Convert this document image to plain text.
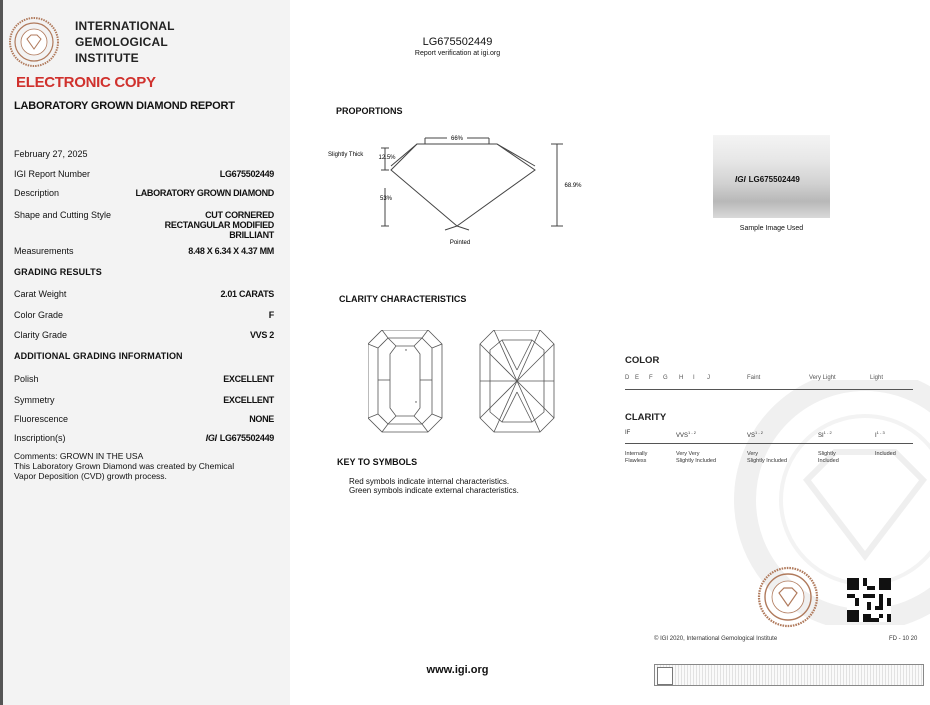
INTERNATIONAL
GEMOLOGICAL
INSTITUTE
ELECTRONIC COPY
LABORATORY GROWN DIAMOND REPORT
February 27, 2025
IGI Report Number	LG675502449
Description	LABORATORY GROWN DIAMOND
Shape and Cutting Style	CUT CORNERED
RECTANGULAR MODIFIED
BRILLIANT
Measurements	8.48 X 6.34 X 4.37 MM
GRADING RESULTS
Carat Weight	2.01 CARATS
Color Grade	F
Clarity Grade	VVS 2
ADDITIONAL GRADING INFORMATION
Polish	EXCELLENT
Symmetry	EXCELLENT
Fluorescence	NONE
Inscription(s)	IGI LG675502449
Comments: GROWN IN THE USA
This Laboratory Grown Diamond was created by Chemical
Vapor Deposition (CVD) growth process.
LG675502449
Report verification at igi.org
PROPORTIONS
66%
68.9%
12.5%
53%
Slightly Thick
Pointed
IGI LG675502449
Sample Image Used
CLARITY CHARACTERISTICS
KEY TO SYMBOLS
Red symbols indicate internal characteristics.
Green symbols indicate external characteristics.
COLOR
D E	F	G	H	I	J	Faint	Very Light	Light
CLARITY
IF	VVS$^{1 - 2}$
VS$^{1 - 2}$
SI$^{1 - 2}$
$I^{1 - 3}$
Internally
Flawless
Very Very
Slightly Included
Very
Slightly Included
Slightly
Included
Included
© IGI 2020, International Gemological Institute	FD - 10 20
www.igi.org
